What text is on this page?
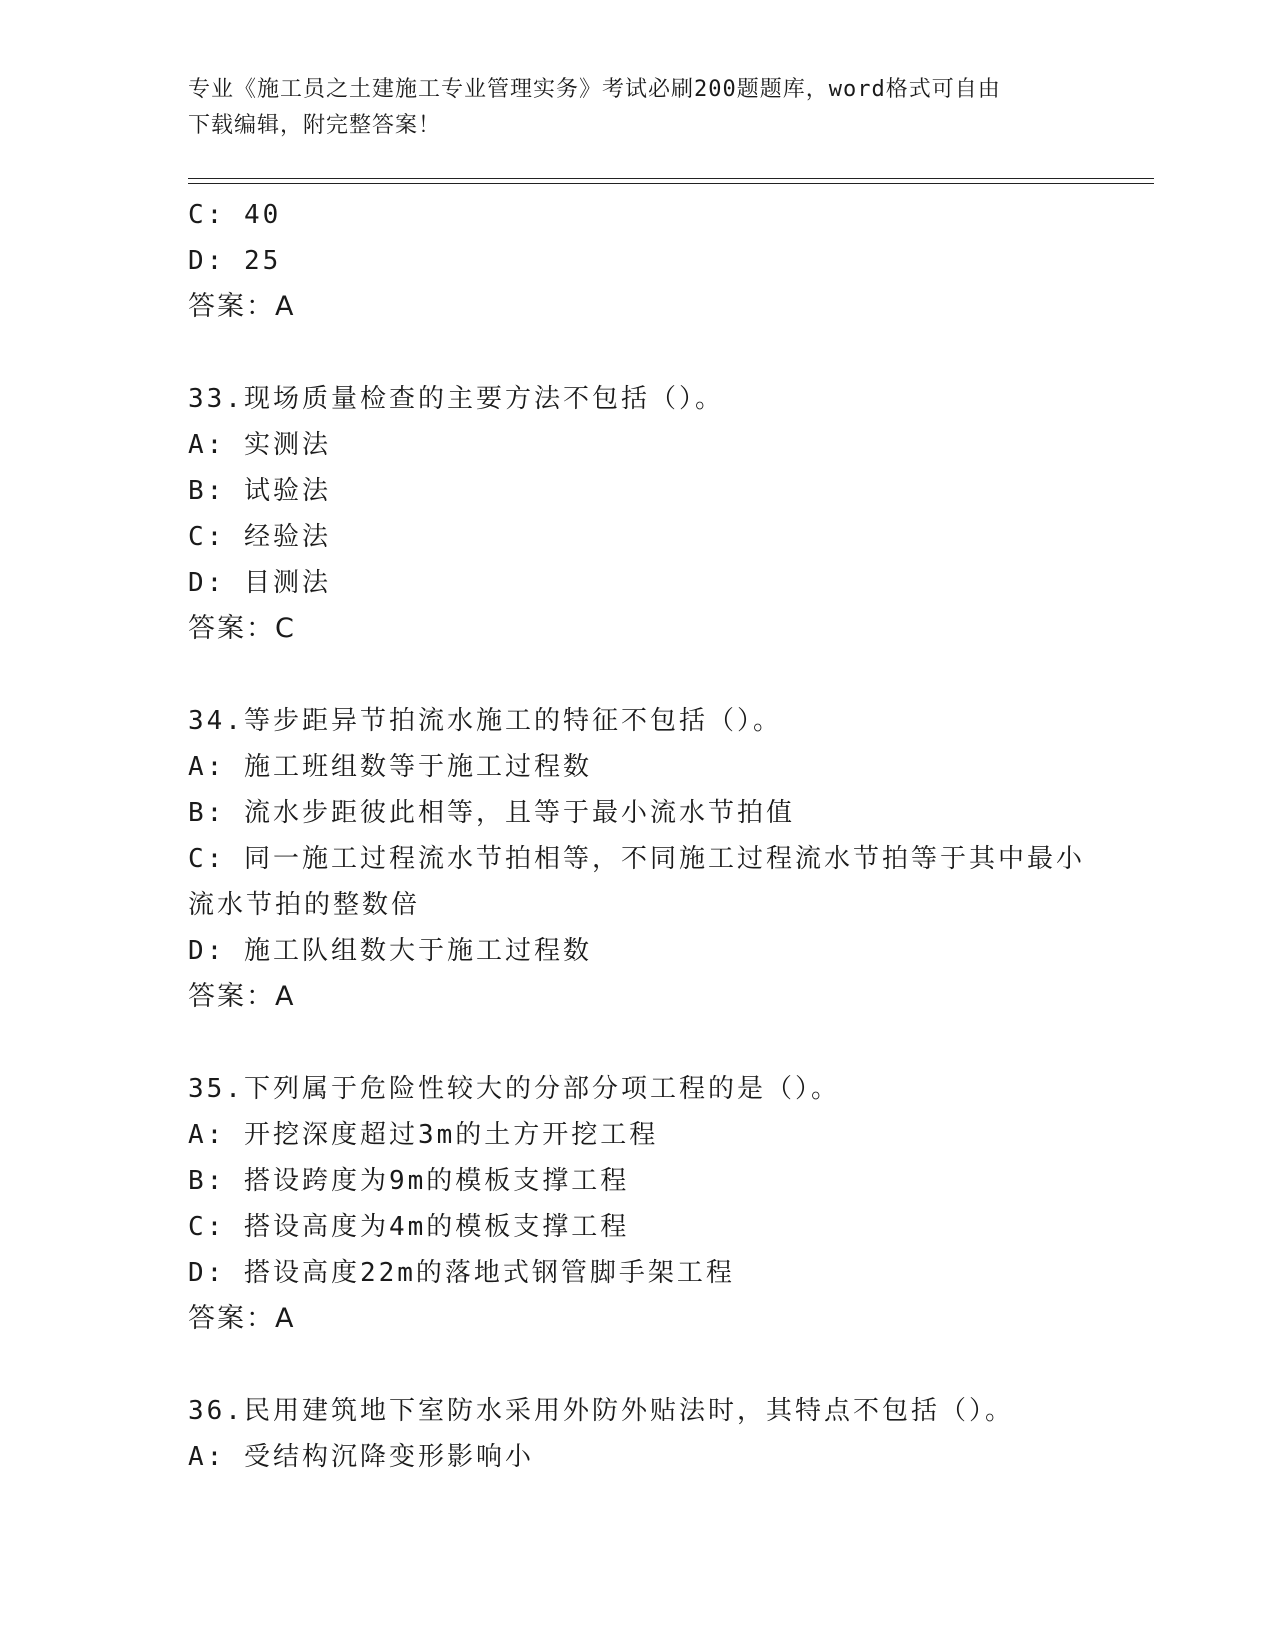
专业《施工员之土建施工专业管理实务》考试必刷200题题库，word格式可自由
下载编辑，附完整答案！
C: 40
D: 25
答案：A
33.现场质量检查的主要方法不包括（）。
A: 实测法
B: 试验法
C: 经验法
D: 目测法
答案：C
34.等步距异节拍流水施工的特征不包括（）。
A: 施工班组数等于施工过程数
B: 流水步距彼此相等，且等于最小流水节拍值
C: 同一施工过程流水节拍相等，不同施工过程流水节拍等于其中最小
流水节拍的整数倍
D: 施工队组数大于施工过程数
答案：A
35.下列属于危险性较大的分部分项工程的是（）。
A: 开挖深度超过3m的土方开挖工程
B: 搭设跨度为9m的模板支撑工程
C: 搭设高度为4m的模板支撑工程
D: 搭设高度22m的落地式钢管脚手架工程
答案：A
36.民用建筑地下室防水采用外防外贴法时，其特点不包括（）。
A: 受结构沉降变形影响小
